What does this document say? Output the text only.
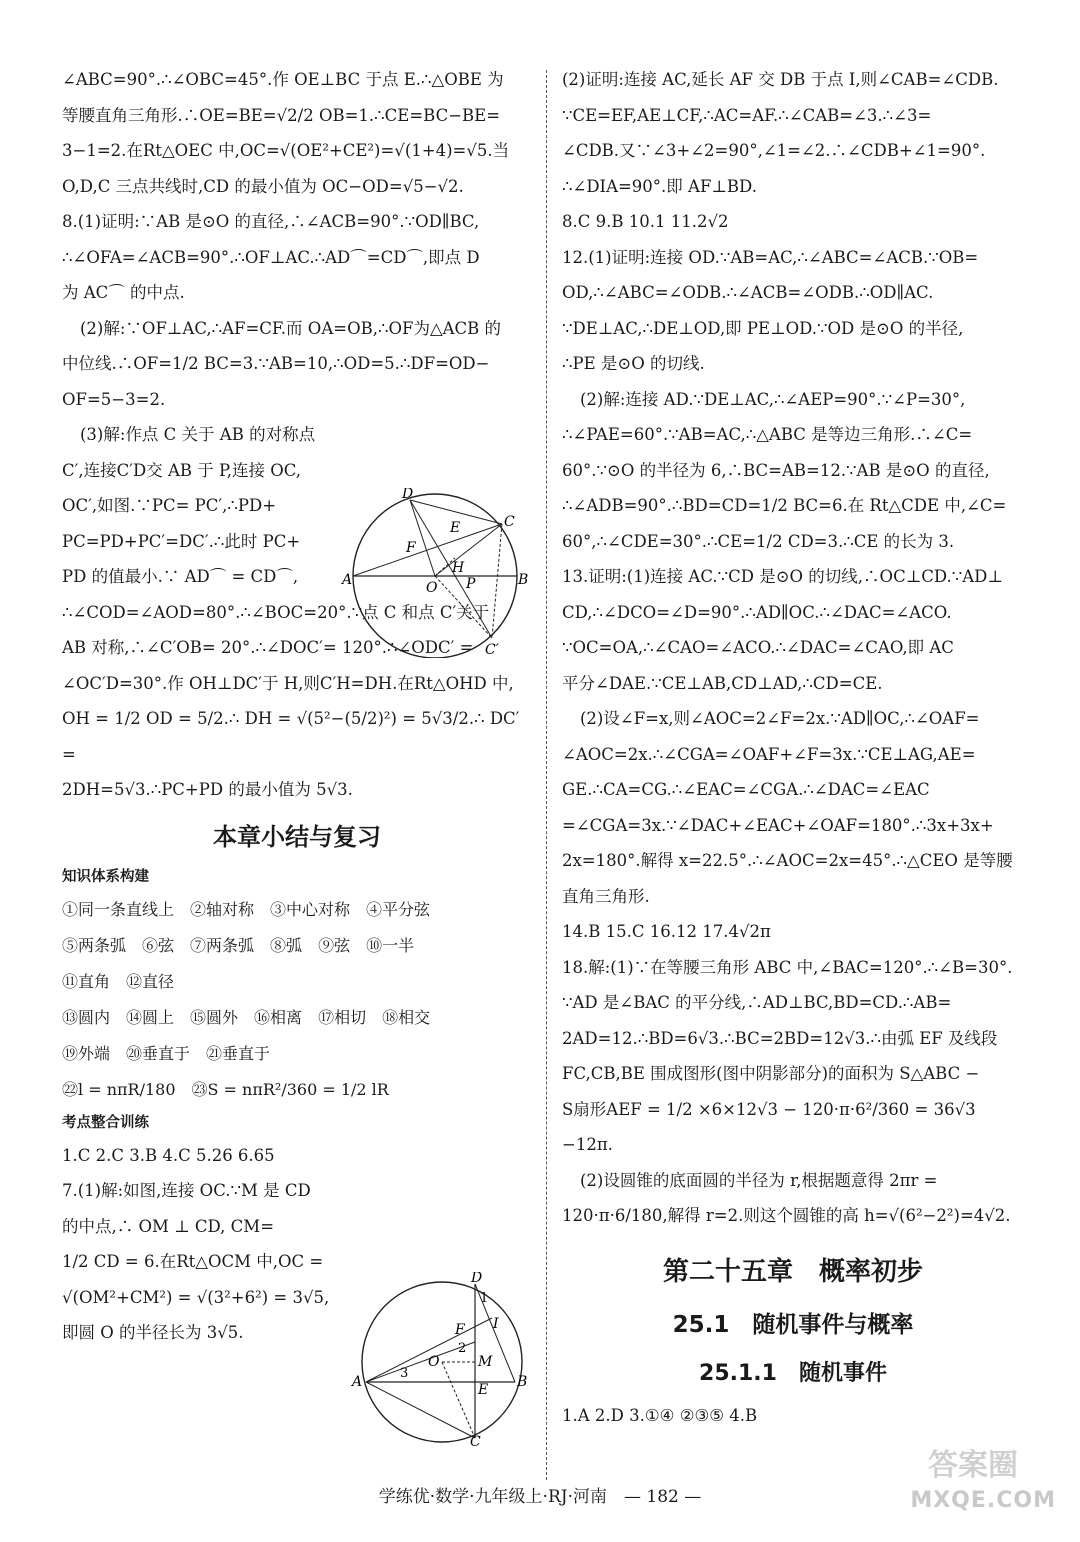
∠ABC=90°.∴∠OBC=45°.作 OE⊥BC 于点 E.∴△OBE 为

等腰直角三角形.∴OE=BE=√2/2 OB=1.∴CE=BC−BE=

3−1=2.在Rt△OEC 中,OC=√(OE²+CE²)=√(1+4)=√5.当

O,D,C 三点共线时,CD 的最小值为 OC−OD=√5−√2.

8.(1)证明:∵AB 是⊙O 的直径,∴∠ACB=90°.∵OD∥BC,

∴∠OFA=∠ACB=90°.∴OF⊥AC.∴AD⌒=CD⌒,即点 D

为 AC⌒ 的中点.

(2)解:∵OF⊥AC,∴AF=CF.而 OA=OB,∴OF为△ACB 的

中位线.∴OF=1/2 BC=3.∵AB=10,∴OD=5.∴DF=OD−

OF=5−3=2.

(3)解:作点 C 关于 AB 的对称点

C′,连接C′D交 AB 于 P,连接 OC,

OC′,如图.∵PC= PC′,∴PD+

PC=PD+PC′=DC′.∴此时 PC+

PD 的值最小.∵ AD⌒ = CD⌒,

∴∠COD=∠AOD=80°.∴∠BOC=20°.∵点 C 和点 C′关于

AB 对称,∴∠C′OB= 20°.∴∠DOC′= 120°.∴∠ODC′ =

∠OC′D=30°.作 OH⊥DC′于 H,则C′H=DH.在Rt△OHD 中,

OH = 1/2 OD = 5/2.∴ DH = √(5²−(5/2)²) = 5√3/2.∴ DC′ =

2DH=5√3.∴PC+PD 的最小值为 5√3.

本章小结与复习
知识体系构建
①同一条直线上 ②轴对称 ③中心对称 ④平分弦
⑤两条弧 ⑥弦 ⑦两条弧 ⑧弧 ⑨弦 ⑩一半
⑪直角 ⑫直径
⑬圆内 ⑭圆上 ⑮圆外 ⑯相离 ⑰相切 ⑱相交
⑲外端 ⑳垂直于 ㉑垂直于
㉒l = nπR/180 ㉓S = nπR²/360 = 1/2 lR
考点整合训练

1.C 2.C 3.B 4.C 5.26 6.65

7.(1)解:如图,连接 OC.∵M 是 CD

的中点,∴ OM ⊥ CD, CM=

1/2 CD = 6.在Rt△OCM 中,OC =

√(OM²+CM²) = √(3²+6²) = 3√5,

即圆 O 的半径长为 3√5.

D
E	C
F
H
A	O P	B
C′
D
1
I
F
2
O	M
3
A	E B
C

(2)证明:连接 AC,延长 AF 交 DB 于点 I,则∠CAB=∠CDB.

∵CE=EF,AE⊥CF,∴AC=AF.∴∠CAB=∠3.∴∠3=

∠CDB.又∵∠3+∠2=90°,∠1=∠2.∴∠CDB+∠1=90°.

∴∠DIA=90°.即 AF⊥BD.

8.C 9.B 10.1 11.2√2

12.(1)证明:连接 OD.∵AB=AC,∴∠ABC=∠ACB.∵OB=

OD,∴∠ABC=∠ODB.∴∠ACB=∠ODB.∴OD∥AC.

∵DE⊥AC,∴DE⊥OD,即 PE⊥OD.∵OD 是⊙O 的半径,

∴PE 是⊙O 的切线.

(2)解:连接 AD.∵DE⊥AC,∴∠AEP=90°.∵∠P=30°,

∴∠PAE=60°.∵AB=AC,∴△ABC 是等边三角形.∴∠C=

60°.∵⊙O 的半径为 6,∴BC=AB=12.∵AB 是⊙O 的直径,

∴∠ADB=90°.∴BD=CD=1/2 BC=6.在 Rt△CDE 中,∠C=

60°,∴∠CDE=30°.∴CE=1/2 CD=3.∴CE 的长为 3.

13.证明:(1)连接 AC.∵CD 是⊙O 的切线,∴OC⊥CD.∵AD⊥

CD,∴∠DCO=∠D=90°.∴AD∥OC.∴∠DAC=∠ACO.

∵OC=OA,∴∠CAO=∠ACO.∴∠DAC=∠CAO,即 AC

平分∠DAE.∵CE⊥AB,CD⊥AD,∴CD=CE.

(2)设∠F=x,则∠AOC=2∠F=2x.∵AD∥OC,∴∠OAF=

∠AOC=2x.∴∠CGA=∠OAF+∠F=3x.∵CE⊥AG,AE=

GE.∴CA=CG.∴∠EAC=∠CGA.∴∠DAC=∠EAC

=∠CGA=3x.∵∠DAC+∠EAC+∠OAF=180°.∴3x+3x+

2x=180°.解得 x=22.5°.∴∠AOC=2x=45°.∴△CEO 是等腰

直角三角形.

14.B 15.C 16.12 17.4√2π

18.解:(1)∵在等腰三角形 ABC 中,∠BAC=120°.∴∠B=30°.

∵AD 是∠BAC 的平分线,∴AD⊥BC,BD=CD.∴AB=

2AD=12.∴BD=6√3.∴BC=2BD=12√3.∴由弧 EF 及线段

FC,CB,BE 围成图形(图中阴影部分)的面积为 S△ABC −

S扇形AEF = 1/2 ×6×12√3 − 120·π·6²/360 = 36√3 −12π.

(2)设圆锥的底面圆的半径为 r,根据题意得 2πr =

120·π·6/180,解得 r=2.则这个圆锥的高 h=√(6²−2²)=4√2.

第二十五章　概率初步
25.1　随机事件与概率
25.1.1　随机事件

1.A 2.D 3.①④ ②③⑤ 4.B

学练优·数学·九年级上·RJ·河南　— 182 —
答案圈
MXQE.COM
